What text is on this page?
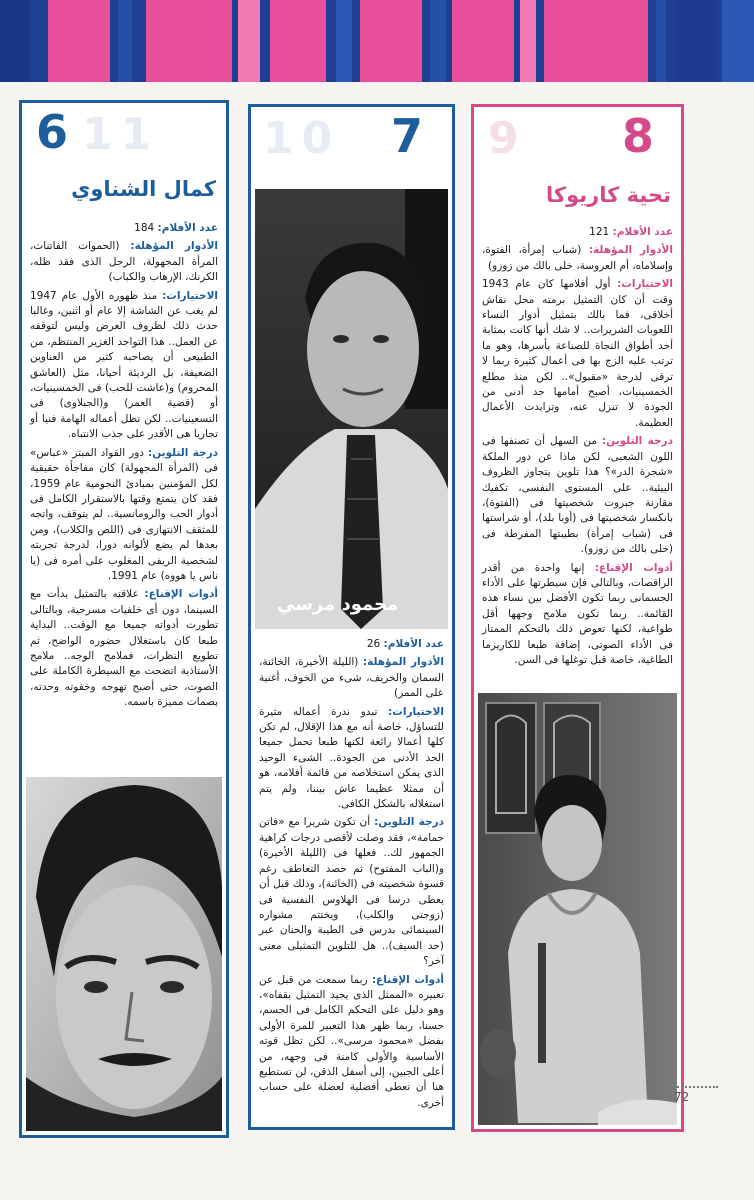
11
6
كمال الشناوي

عدد الأفلام: 184

الأدوار المؤهلة: (الحموات الفاتنات، المرأة المجهولة، الرجل الذى فقد ظله، الكرنك، الإرهاب والكباب)

الاختيارات: منذ ظهوره الأول عام 1947 لم يغب عن الشاشة إلا عام أو اثنين، وغالبا حدث ذلك لظروف العرض وليس لتوقفه عن العمل.. هذا التواجد الغزير المنتظم، من الطبيعى أن يصاحبه كثير من العناوين الضعيفة، بل الرديئة أحيانا، مثل (العاشق المحروم) و(عاشت للحب) فى الخمسينيات، أو (قضية العمر) و(الجبلاوى) فى التسعينيات.. لكن تظل أعماله الهامة فنيا أو تجاريا هى الأقدر على جذب الانتباه.

درجة التلوين: دور القواد المبتز «عباس» فى (المرأة المجهولة) كان مفاجأة حقيقية لكل المؤمنين بمبادئ النجومية عام 1959، فقد كان يتمتع وقتها بالاستقرار الكامل فى أدوار الحب والرومانسية.. لم يتوقف، واتجه للمثقف الانتهازى فى (اللص والكلاب)، ومن بعدها لم يضع لألوانه دورا، لدرجة تجربته لشخصية الريفى المغلوب على أمره فى (يا ناس يا هووه) عام 1991.

أدوات الإقناع: علاقته بالتمثيل بدأت مع السينما، دون أى خلفيات مسرحية، وبالتالى تطورت أدواته جميعا مع الوقت.. البداية طبعا كان باستغلال حضوره الواضح، ثم تطويع النظرات، فملامح الوجه.. ملامح الأستاذية اتضحت مع السيطرة الكاملة على الصوت، حتى أصبح تهوجه وخفوته وحدته، بصمات مميزة باسمه.

10 7
محمود مرسي

عدد الأفلام: 26

الأدوار المؤهلة: (الليلة الأخيرة، الخائنة، السمان والخريف، شىء من الخوف، أغنية على الممر)

الاختيارات: تبدو ندرة أعماله مثيرة للتساؤل، خاصة أنه مع هذا الإقلال، لم تكن كلها أعمالا رائعة لكنها طبعا تحمل جميعا الحد الأدنى من الجودة.. الشىء الوحيد الذى يمكن استخلاصه من قائمة أفلامه، هو أن ممثلا عظيما عاش بيننا، ولم يتم استغلاله بالشكل الكافى.

درجة التلوين: أن تكون شريرا مع «فاتن حمامة»، فقد وصلت لأقصى درجات كراهية الجمهور لك.. فعلها فى (الليلة الأخيرة) و(الباب المفتوح) ثم حصد التعاطف رغم قسوة شخصيته فى (الخائنة)، وذلك قبل أن يعطى درسا فى الهلاوس النفسية فى (زوجتى والكلب)، ويختتم مشواره السينمائى بدرس فى الطيبة والحنان عبر (حد السيف).. هل للتلوين التمثيلى معنى آخر؟

أدوات الإقناع: ربما سمعت من قبل عن تعبيره «الممثل الذى يجيد التمثيل بقفاه»، وهو دليل على التحكم الكامل فى الجسم، حسنا، ربما ظهر هذا التعبير للمرة الأولى بفضل «محمود مرسى».. لكن تظل قوته الأساسية والأولى كامنة فى وجهه، من أعلى الجبين، إلى أسفل الذقن، لن تستطيع هنا أن تعطى أفضلية لعضلة على حساب أخرى.

9 8
تحية كاريوكا

عدد الأفلام: 121

الأدوار المؤهلة: (شباب إمرأة، الفتوة، وإسلاماه، أم العروسة، خلى بالك من زوزو)

الاختيارات: أول أفلامها كان عام 1943 وقت أن كان التمثيل برمته محل نقاش أخلاقى، فما بالك بتمثيل أدوار النساء اللعوبات الشريرات.. لا شك أنها كانت بمثابة أحد أطواق النجاة للصناعة بأسرها، وهو ما ترتب عليه الزج بها فى أعمال كثيرة ربما لا ترقى لدرجة «مقبول».. لكن منذ مطلع الخمسينيات، أصبح أمامها حد أدنى من الجودة لا تنزل عنه، وتزايدت الأعمال العظيمة.

درجة التلوين: من السهل أن تصنفها فى اللون الشعبى، لكن ماذا عن دور الملكة «شجرة الدر»؟ هذا تلوين يتجاوز الظروف البيئية.. على المستوى النفسى، تكفيك مقارنة جبروت شخصيتها فى (الفتوة)، بانكسار شخصيتها فى (أوبا بلد)، أو شراستها فى (شباب إمرأة) بطيبتها المفرطة فى (خلى بالك من زوزو).

أدوات الإقناع: إنها واحدة من أقدر الراقصات، وبالتالى فإن سيطرتها على الأداء الجسمانى ربما تكون الأفضل بين نساء هذه القائمة.. ربما تكون ملامح وجهها أقل طواعية، لكنها تعوض ذلك بالتحكم الممتاز فى الأداء الصوتى، إضافة طبعا للكاريزما الطاغية، خاصة قبل توغلها فى السن.

72
